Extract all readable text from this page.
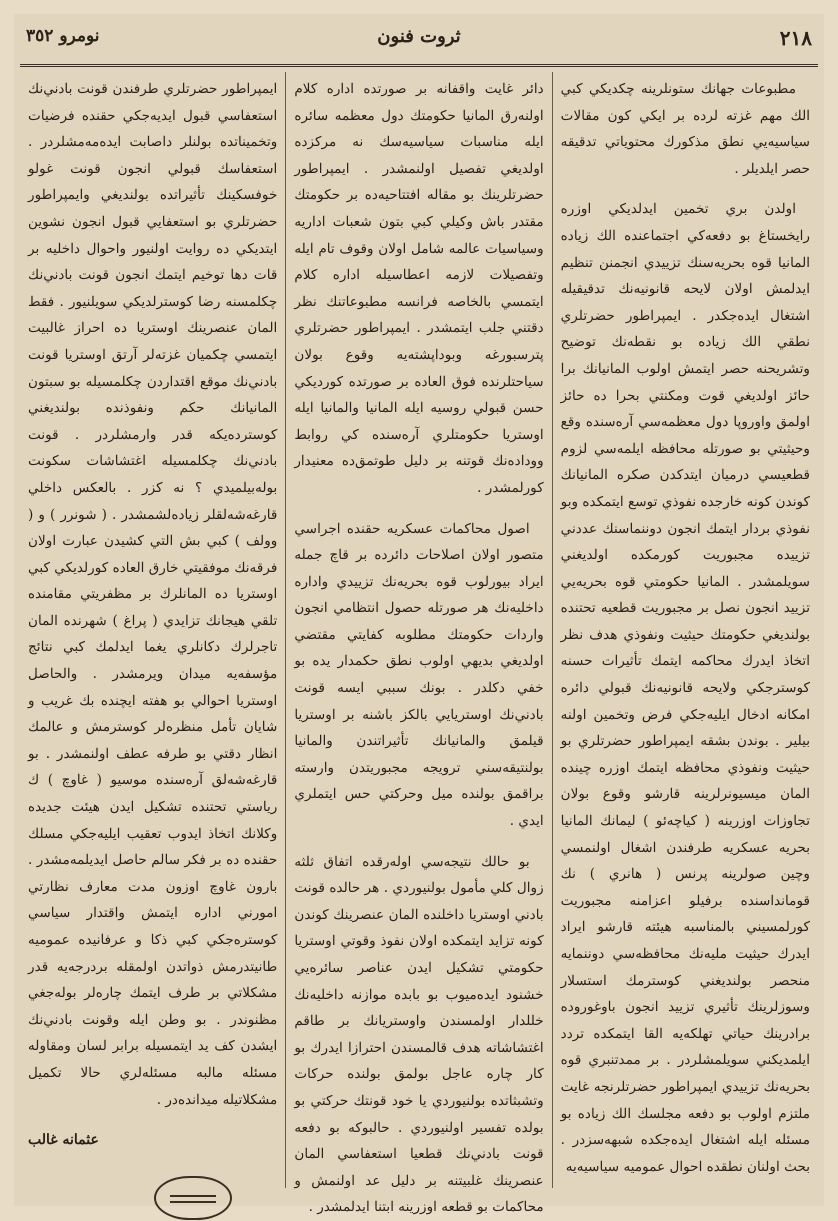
٢١٨
ثروت فنون
نومرو ٣٥٢

مطبوعات جهانك ستونلرينه چكديكي كبي الك مهم غزته لرده بر ايكي كون مقالات سياسيه‌يي نطق مذكورك محتوياتي تدقيقه حصر ايلديلر .

اولدن بري تخمين ايدلديكي اوزره رايخستاغ بو دفعه‌كي اجتماعنده الك زياده المانيا قوه بحريه‌سنك تزييدي انجمنن تنظيم ايدلمش اولان لايحه قانونيه‌نك تدقيقيله اشتغال ايده‌جكدر . ايمپراطور حضرتلري نطقي الك زياده بو نقطه‌نك توضيح وتشريحنه حصر ايتمش اولوب المانيانك برا حائز اولديغي قوت ومكنتي بحرا ده حائز اولمق واوروپا دول معظمه‌سي آره‌سنده وقع وحيثيتي بو صورتله محافظه ايلمه‌سي لزوم قطعيسي درميان ايتدكدن صكره المانيانك كوندن كونه خارجده نفوذي توسع ايتمكده وبو نفوذي بردار ايتمك انجون دوننماسنك عددني تزييده مجبوريت كورمكده اولديغني سويلمشدر . المانيا حكومتي قوه بحريه‌يي تزييد انجون نصل بر مجبوريت قطعيه تحتنده بولنديغي حكومتك حيثيت ونفوذي هدف نظر اتخاذ ايدرك محاكمه ايتمك تأثيرات حسنه كوسترجكي ولايحه قانونيه‌نك قبولي دائره امكانه ادخال ايليه‌جكي فرض وتخمين اولنه بيلير . بوندن بشقه ايمپراطور حضرتلري بو حيثيت ونفوذي محافظه ايتمك اوزره چينده المان ميسيونرلرينه قارشو وقوع بولان تجاوزات اوزرينه ( كياچه‌ئو ) ليمانك المانيا بحريه عسكريه طرفندن اشغال اولنمسي وچين صولرينه پرنس ( هانري ) نك قومانداسنده برفيلو اعزامنه مجبوريت كورلمسيني بالمناسبه هيئته قارشو ايراد ايدرك حيثيت مليه‌نك محافظه‌سي دوننمايه منحصر بولنديغني كوسترمك استسلار وسوزلرينك تأثيري تزييد انجون باوغوروده برادرينك حياتي تهلكه‌يه القا ايتمكده تردد ايلمديكني سويلمشلردر . بر ممدتنبري قوه بحريه‌نك تزييدي ايمپراطور حضرتلرنجه غايت ملتزم اولوب بو دفعه مجلسك الك زياده بو مسئله ايله اشتغال ايده‌جكده شبهه‌سزدر . بحث اولنان نطقده احوال عموميه سياسيه‌يه

دائر غايت واقفانه بر صورتده اداره كلام اولنه‌رق المانيا حكومتك دول معظمه سائره ايله مناسبات سياسيه‌سك نه مركزده اولديغي تفصيل اولنمشدر . ايمپراطور حضرتلرينك بو مقاله افتتاحيه‌ده بر حكومتك مقتدر باش وكيلي كبي بتون شعبات اداريه وسياسيات عالمه شامل اولان وقوف تام ايله وتفصيلات لازمه اعطاسيله اداره كلام ايتمسي بالخاصه فرانسه مطبوعاتنك نظر دقتني جلب ايتمشدر . ايمپراطور حضرتلري پترسبورغه وبوداپشته‌يه وقوع بولان سياحتلرنده فوق العاده بر صورتده كورديكي حسن قبولي روسيه ايله المانيا والمانيا ايله اوستريا حكومتلري آره‌سنده كي روابط ووداده‌نك قوتنه بر دليل طوتمق‌ده معنيدار كورلمشدر .

اصول محاكمات عسكريه حقنده اجراسي متصور اولان اصلاحات دائرده بر قاچ جمله ايراد بيورلوب قوه بحريه‌نك تزييدي واداره داخليه‌نك هر صورتله حصول انتظامي انجون واردات حكومتك مطلوبه كفايتي مقتضي اولديغي بديهي اولوب نطق حكمدار يده بو خفي دكلدر . بونك سببي ايسه قونت بادني‌نك اوستريايي بالكز باشنه بر اوستريا قيلمق والمانيانك تأثيراتندن والمانيا بولنتيقه‌سني ترويجه مجبوريتدن وارسته براقمق بولنده ميل وحركتي حس ايتملري ايدي .

بو حالك نتيجه‌سي اوله‌رقده اتفاق ثلثه زوال كلي مأمول بولنيوردي . هر حالده قونت بادني اوستريا داخلنده المان عنصرينك كوندن كونه تزايد ايتمكده اولان نفوذ وقوتي اوستريا حكومتي تشكيل ايدن عناصر سائره‌يي خشنود ايده‌ميوب بو بابده موازنه داخليه‌نك خللدار اولمسندن واوستريانك بر طاقم اغتشاشاته هدف قالمسندن احترازا ايدرك بو كار چاره عاجل بولمق بولنده حركات وتشبثاتده بولنيوردي يا خود قونتك حركتي بو بولده تفسير اولنيوردي . حالبوكه بو دفعه قونت بادني‌نك قطعيا استعفاسي المان عنصرينك غلبيتنه بر دليل عد اولنمش و محاكمات بو قطعه اوزرينه ابتنا ايدلمشدر .

ايمپراطور حضرتلري طرفندن قونت بادني‌نك استعفاسي قبول ايديه‌جكي حقنده فرضيات وتخميناتده بولنلر داصابت ايده‌مه‌مشلردر . استعفاسك قبولي انجون قونت غولو خوفسكينك تأثيراتده بولنديغي وايمپراطور حضرتلري بو استعفايي قبول انجون نشوين ايتديكي ده روايت اولنيور واحوال داخليه بر قات دها توخيم ايتمك انجون قونت بادني‌نك چكلمسنه رضا كوسترلديكي سويلنيور . فقط المان عنصرينك اوستريا ده احراز غالبيت ايتمسي چكميان غزته‌لر آرتق اوستريا قونت بادني‌نك موقع اقتداردن چكلمسيله بو سبتون المانيانك حكم ونفوذنده بولنديغني كوسترده‌يكه قدر وارمشلردر . قونت بادني‌نك چكلمسيله اغتشاشات سكونت بوله‌بيلميدي ؟ نه كزر . بالعكس داخلي قارغه‌شه‌لقلر زياده‌لشمشدر . ( شونرر ) و ( وولف ) كبي بش التي كشيدن عبارت اولان فرقه‌نك موفقيتي خارق العاده كورلديكي كبي اوستريا ده المانلرك بر مظفريتي مقامنده تلقي هيجانك تزايدي ( پراغ ) شهرنده المان تاجرلرك دكانلري يغما ايدلمك كبي نتائج مؤسفه‌يه ميدان ويرمشدر . والحاصل اوستريا احوالي بو هفته ايچنده بك غريب و شايان تأمل منظره‌لر كوسترمش و عالمك انظار دقتي بو طرفه عطف اولنمشدر . بو قارغه‌شه‌لق آره‌سنده موسيو ( غاوچ ) ك رياستي تحتنده تشكيل ايدن هيئت جديده وكلانك اتخاذ ايدوب تعقيب ايليه‌جكي مسلك حقنده ده بر فكر سالم حاصل ايديلمه‌مشدر . بارون غاوچ اوزون مدت معارف نظارتي امورني اداره ايتمش واقتدار سياسي كوستره‌جكي كبي ذكا و عرفانيده عموميه طانيتدرمش ذواتدن اولمقله بردرجه‌يه قدر مشكلاتي بر طرف ايتمك چاره‌لر بوله‌جغي مظنوندر . بو وطن ايله وقونت بادني‌نك ايشدن كف يد ايتمسيله برابر لسان ومقاوله مسئله مالبه مسئله‌لري حالا تكميل مشكلاتيله ميدانده‌در .

عثمانه غالب
